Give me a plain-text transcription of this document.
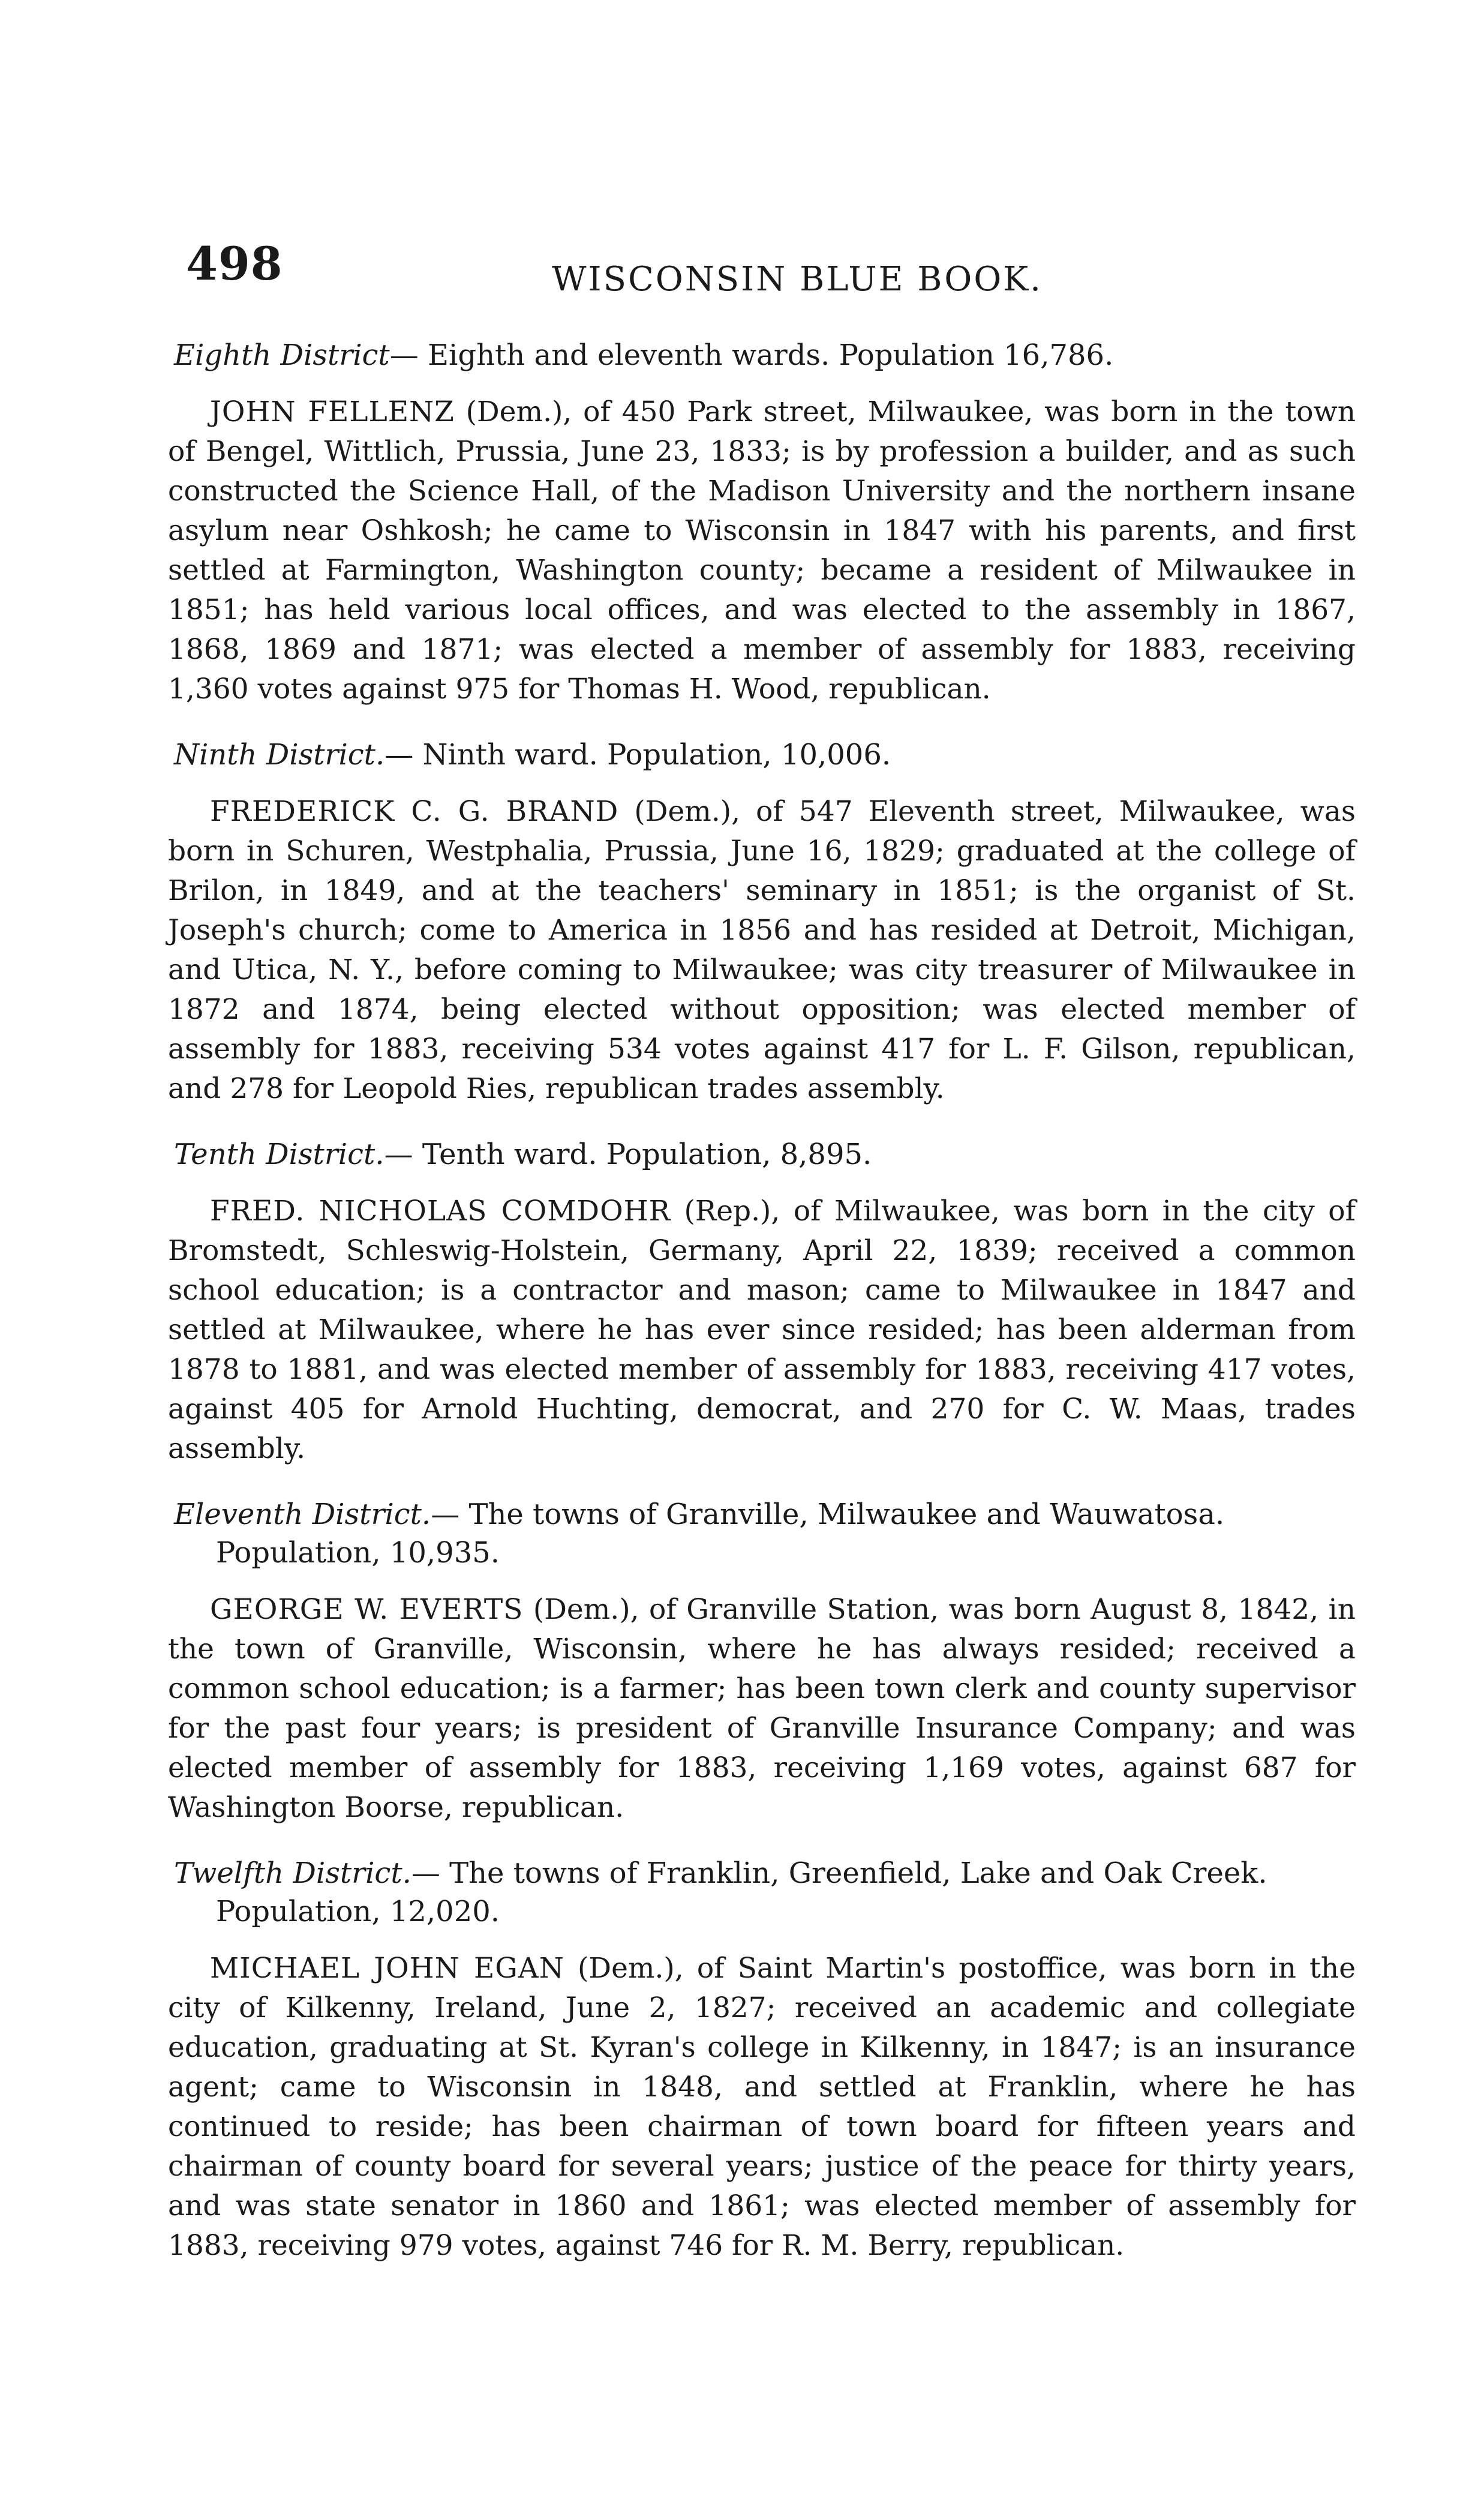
498	WISCONSIN BLUE BOOK.

Eighth District— Eighth and eleventh wards. Population 16,786.

JOHN FELLENZ (Dem.), of 450 Park street, Milwaukee, was born in the town of Bengel, Wittlich, Prussia, June 23, 1833; is by profession a builder, and as such constructed the Science Hall, of the Madison University and the northern insane asylum near Oshkosh; he came to Wisconsin in 1847 with his parents, and first settled at Farmington, Washington county; became a resident of Milwaukee in 1851; has held various local offices, and was elected to the assembly in 1867, 1868, 1869 and 1871; was elected a member of assembly for 1883, receiving 1,360 votes against 975 for Thomas H. Wood, republican.

Ninth District.— Ninth ward. Population, 10,006.

FREDERICK C. G. BRAND (Dem.), of 547 Eleventh street, Milwaukee, was born in Schuren, Westphalia, Prussia, June 16, 1829; graduated at the college of Brilon, in 1849, and at the teachers' seminary in 1851; is the organist of St. Joseph's church; come to America in 1856 and has resided at Detroit, Michigan, and Utica, N. Y., before coming to Milwaukee; was city treasurer of Milwaukee in 1872 and 1874, being elected without opposition; was elected member of assembly for 1883, receiving 534 votes against 417 for L. F. Gilson, republican, and 278 for Leopold Ries, republican trades assembly.

Tenth District.— Tenth ward. Population, 8,895.

FRED. NICHOLAS COMDOHR (Rep.), of Milwaukee, was born in the city of Bromstedt, Schleswig-Holstein, Germany, April 22, 1839; received a common school education; is a contractor and mason; came to Milwaukee in 1847 and settled at Milwaukee, where he has ever since resided; has been alderman from 1878 to 1881, and was elected member of assembly for 1883, receiving 417 votes, against 405 for Arnold Huchting, democrat, and 270 for C. W. Maas, trades assembly.

Eleventh District.— The towns of Granville, Milwaukee and Wauwatosa. Population, 10,935.

GEORGE W. EVERTS (Dem.), of Granville Station, was born August 8, 1842, in the town of Granville, Wisconsin, where he has always resided; received a common school education; is a farmer; has been town clerk and county supervisor for the past four years; is president of Granville Insurance Company; and was elected member of assembly for 1883, receiving 1,169 votes, against 687 for Washington Boorse, republican.

Twelfth District.— The towns of Franklin, Greenfield, Lake and Oak Creek. Population, 12,020.

MICHAEL JOHN EGAN (Dem.), of Saint Martin's postoffice, was born in the city of Kilkenny, Ireland, June 2, 1827; received an academic and collegiate education, graduating at St. Kyran's college in Kilkenny, in 1847; is an insurance agent; came to Wisconsin in 1848, and settled at Franklin, where he has continued to reside; has been chairman of town board for fifteen years and chairman of county board for several years; justice of the peace for thirty years, and was state senator in 1860 and 1861; was elected member of assembly for 1883, receiving 979 votes, against 746 for R. M. Berry, republican.
